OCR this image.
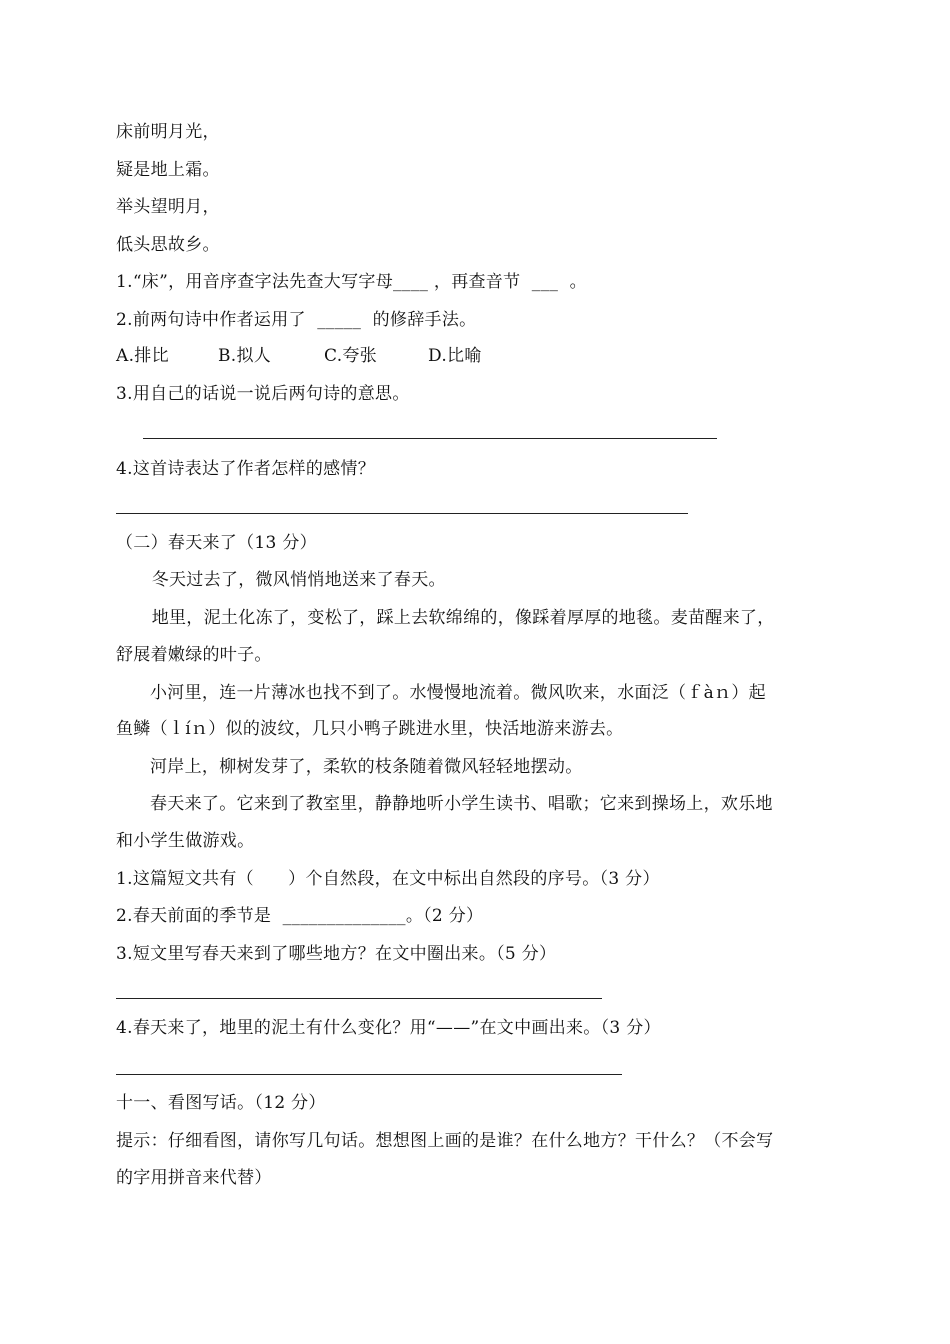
床前明月光，
疑是地上霜。
举头望明月，
低头思故乡。
1.“床”，用音序查字法先查大写字母____ ，再查音节  ___  。
2.前两句诗中作者运用了  _____  的修辞手法。
A.排比	B.拟人	C.夸张	D.比喻
3.用自己的话说一说后两句诗的意思。
4.这首诗表达了作者怎样的感情？
（二）春天来了（13 分）
冬天过去了，微风悄悄地送来了春天。
地里，泥土化冻了，变松了，踩上去软绵绵的，像踩着厚厚的地毯。麦苗醒来了，
舒展着嫩绿的叶子。
小河里，连一片薄冰也找不到了。水慢慢地流着。微风吹来，水面泛（ｆàｎ）起
鱼鳞（ｌíｎ）似的波纹，几只小鸭子跳进水里，快活地游来游去。
河岸上，柳树发芽了，柔软的枝条随着微风轻轻地摆动。
春天来了。它来到了教室里，静静地听小学生读书、唱歌；它来到操场上，欢乐地
和小学生做游戏。
1.这篇短文共有（      ）个自然段，在文中标出自然段的序号。（3 分）
2.春天前面的季节是  ______________。（2 分）
3.短文里写春天来到了哪些地方？在文中圈出来。（5 分）
4.春天来了，地里的泥土有什么变化？用“——”在文中画出来。（3 分）
十一、看图写话。（12 分）
提示：仔细看图，请你写几句话。想想图上画的是谁？在什么地方？干什么？（不会写
的字用拼音来代替）
